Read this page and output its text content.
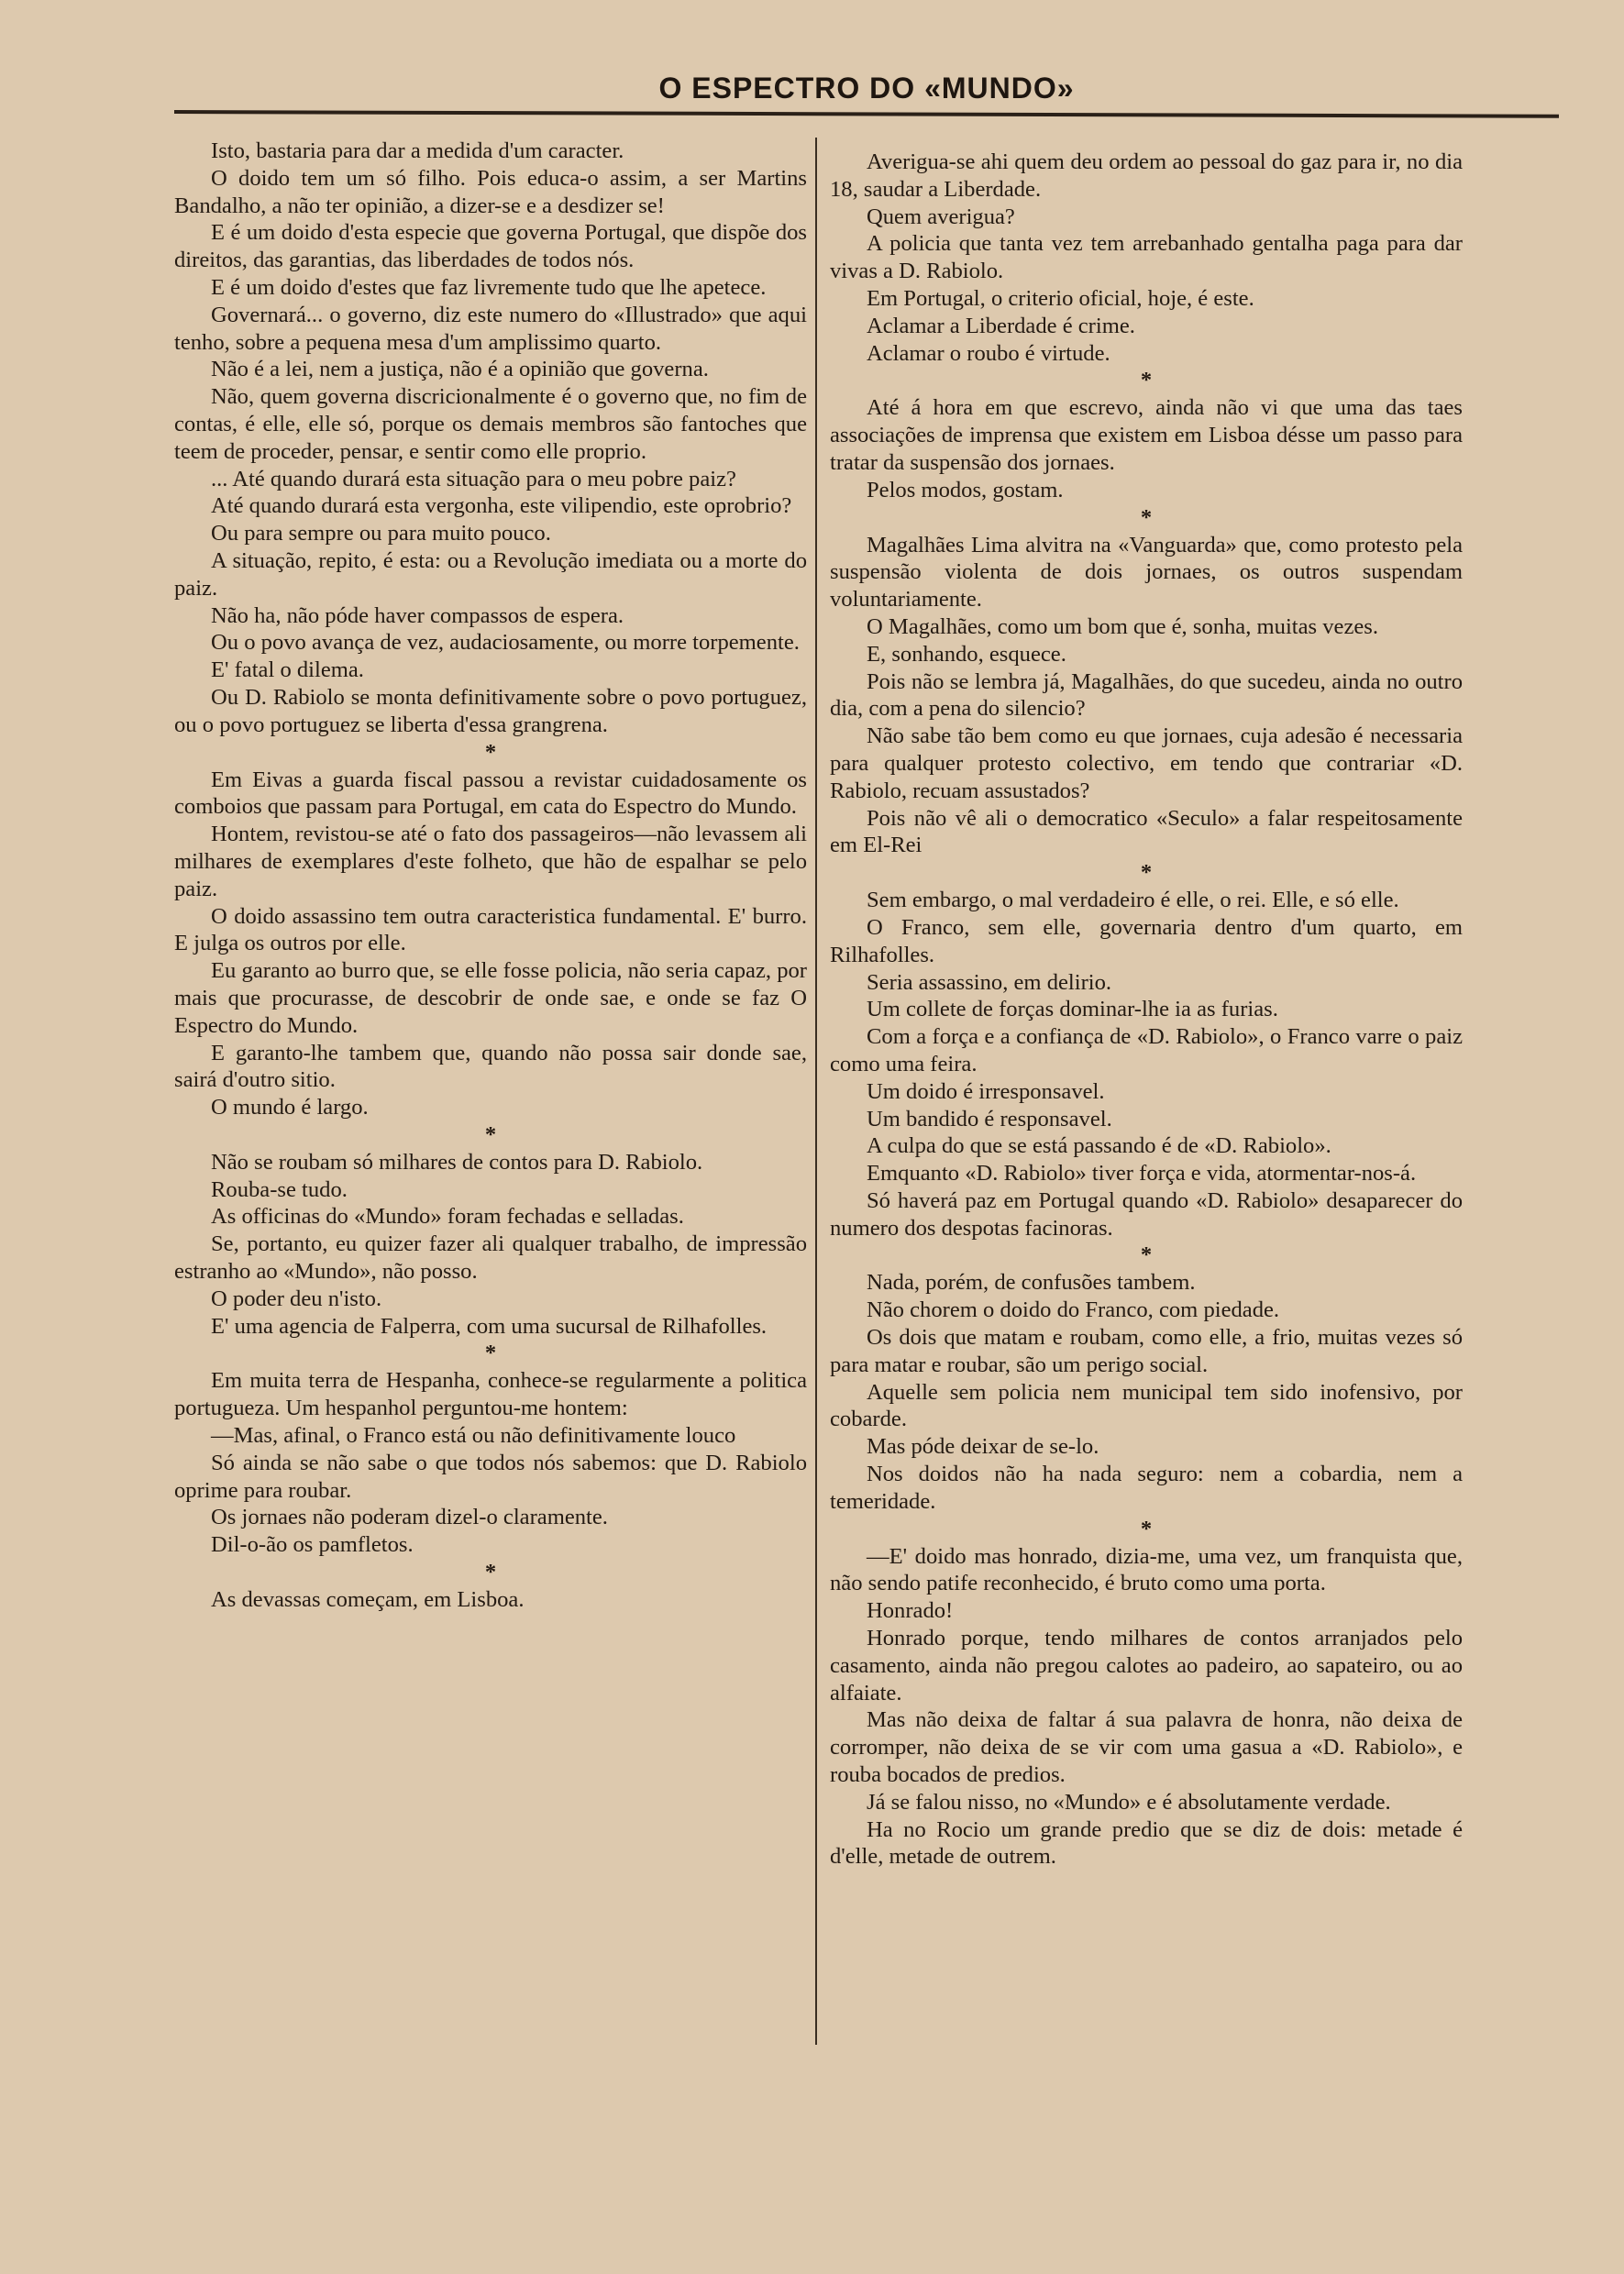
O ESPECTRO DO «MUNDO»

Isto, bastaria para dar a medida d'um caracter.

O doido tem um só filho. Pois educa-o assim, a ser Martins Bandalho, a não ter opinião, a dizer-se e a desdizer se!

E é um doido d'esta especie que governa Portugal, que dispõe dos direitos, das garantias, das liberdades de todos nós.

E é um doido d'estes que faz livremente tudo que lhe apetece.

Governará... o governo, diz este numero do «Illustrado» que aqui tenho, sobre a pequena mesa d'um amplissimo quarto.

Não é a lei, nem a justiça, não é a opinião que governa.

Não, quem governa discricionalmente é o governo que, no fim de contas, é elle, elle só, porque os demais membros são fantoches que teem de proceder, pensar, e sentir como elle proprio.

... Até quando durará esta situação para o meu pobre paiz?

Até quando durará esta vergonha, este vilipendio, este oprobrio?

Ou para sempre ou para muito pouco.

A situação, repito, é esta: ou a Revolução imediata ou a morte do paiz.

Não ha, não póde haver compassos de espera.

Ou o povo avança de vez, audaciosamente, ou morre torpemente.

E' fatal o dilema.

Ou D. Rabiolo se monta definitivamente sobre o povo portuguez, ou o povo portuguez se liberta d'essa grangrena.

*

Em Eivas a guarda fiscal passou a revistar cuidadosamente os comboios que passam para Portugal, em cata do Espectro do Mundo.

Hontem, revistou-se até o fato dos passageiros—não levassem ali milhares de exemplares d'este folheto, que hão de espalhar se pelo paiz.

O doido assassino tem outra caracteristica fundamental. E' burro. E julga os outros por elle.

Eu garanto ao burro que, se elle fosse policia, não seria capaz, por mais que procurasse, de descobrir de onde sae, e onde se faz O Espectro do Mundo.

E garanto-lhe tambem que, quando não possa sair donde sae, sairá d'outro sitio.

O mundo é largo.

*

Não se roubam só milhares de contos para D. Rabiolo.

Rouba-se tudo.

As officinas do «Mundo» foram fechadas e selladas.

Se, portanto, eu quizer fazer ali qualquer trabalho, de impressão estranho ao «Mundo», não posso.

O poder deu n'isto.

E' uma agencia de Falperra, com uma sucursal de Rilhafolles.

*

Em muita terra de Hespanha, conhece-se regularmente a politica portugueza. Um hespanhol perguntou-me hontem:

—Mas, afinal, o Franco está ou não definitivamente louco

Só ainda se não sabe o que todos nós sabemos: que D. Rabiolo oprime para roubar.

Os jornaes não poderam dizel-o claramente.

Dil-o-ão os pamfletos.

*

As devassas começam, em Lisboa.

Averigua-se ahi quem deu ordem ao pessoal do gaz para ir, no dia 18, saudar a Liberdade.

Quem averigua?

A policia que tanta vez tem arrebanhado gentalha paga para dar vivas a D. Rabiolo.

Em Portugal, o criterio oficial, hoje, é este.

Aclamar a Liberdade é crime.

Aclamar o roubo é virtude.

*

Até á hora em que escrevo, ainda não vi que uma das taes associações de imprensa que existem em Lisboa désse um passo para tratar da suspensão dos jornaes.

Pelos modos, gostam.

*

Magalhães Lima alvitra na «Vanguarda» que, como protesto pela suspensão violenta de dois jornaes, os outros suspendam voluntariamente.

O Magalhães, como um bom que é, sonha, muitas vezes.

E, sonhando, esquece.

Pois não se lembra já, Magalhães, do que sucedeu, ainda no outro dia, com a pena do silencio?

Não sabe tão bem como eu que jornaes, cuja adesão é necessaria para qualquer protesto colectivo, em tendo que contrariar «D. Rabiolo, recuam assustados?

Pois não vê ali o democratico «Seculo» a falar respeitosamente em El-Rei

*

Sem embargo, o mal verdadeiro é elle, o rei. Elle, e só elle.

O Franco, sem elle, governaria dentro d'um quarto, em Rilhafolles.

Seria assassino, em delirio.

Um collete de forças dominar-lhe ia as furias.

Com a força e a confiança de «D. Rabiolo», o Franco varre o paiz como uma feira.

Um doido é irresponsavel.

Um bandido é responsavel.

A culpa do que se está passando é de «D. Rabiolo».

Emquanto «D. Rabiolo» tiver força e vida, atormentar-nos-á.

Só haverá paz em Portugal quando «D. Rabiolo» desaparecer do numero dos despotas facinoras.

*

Nada, porém, de confusões tambem.

Não chorem o doido do Franco, com piedade.

Os dois que matam e roubam, como elle, a frio, muitas vezes só para matar e roubar, são um perigo social.

Aquelle sem policia nem municipal tem sido inofensivo, por cobarde.

Mas póde deixar de se-lo.

Nos doidos não ha nada seguro: nem a cobardia, nem a temeridade.

*

—E' doido mas honrado, dizia-me, uma vez, um franquista que, não sendo patife reconhecido, é bruto como uma porta.

Honrado!

Honrado porque, tendo milhares de contos arranjados pelo casamento, ainda não pregou calotes ao padeiro, ao sapateiro, ou ao alfaiate.

Mas não deixa de faltar á sua palavra de honra, não deixa de corromper, não deixa de se vir com uma gasua a «D. Rabiolo», e rouba bocados de predios.

Já se falou nisso, no «Mundo» e é absolutamente verdade.

Ha no Rocio um grande predio que se diz de dois: metade é d'elle, metade de outrem.
